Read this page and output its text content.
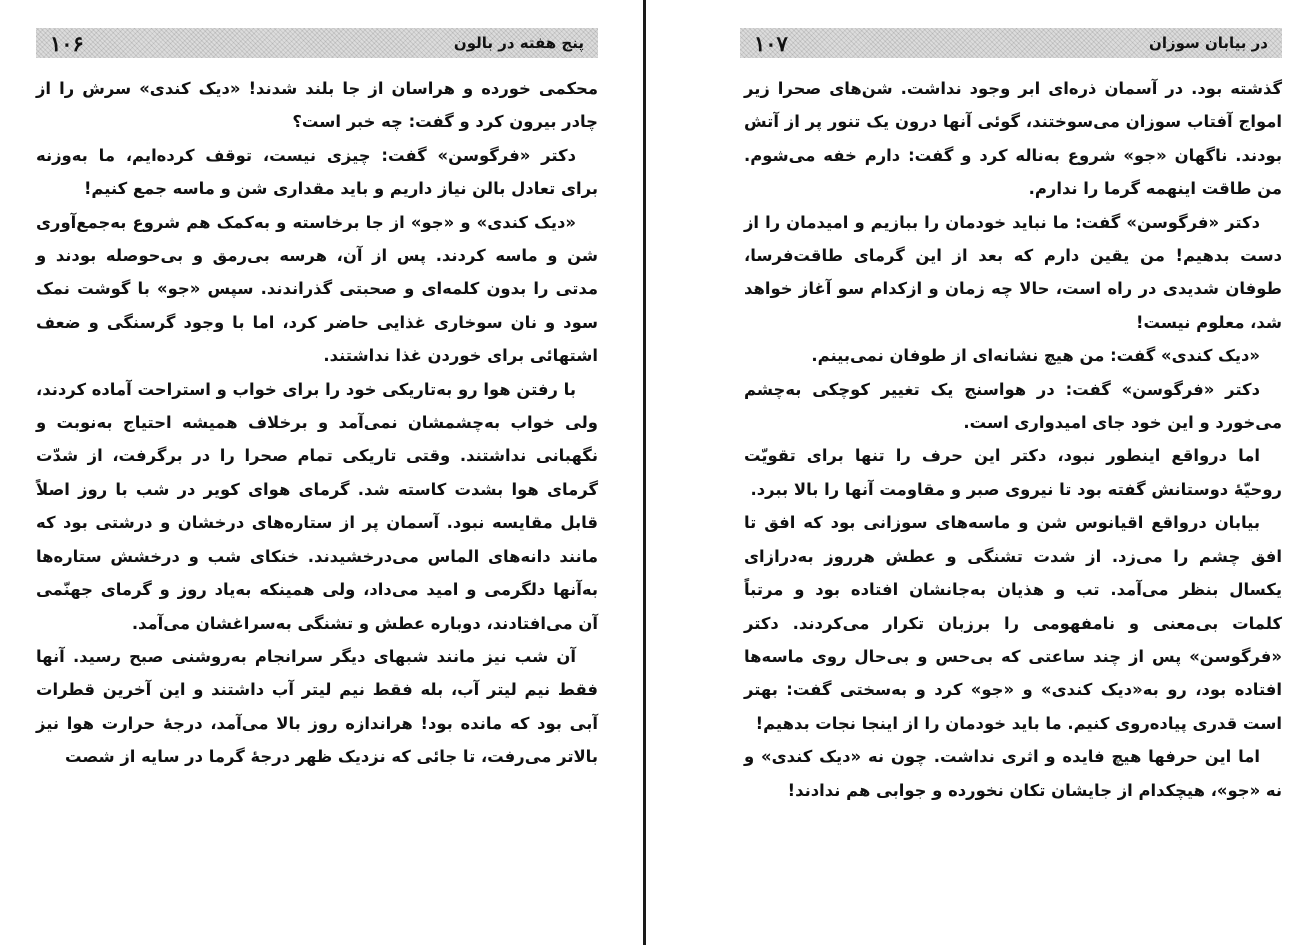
پنج هفته در بالون
۱۰۶

محکمی خورده و هراسان از جا بلند شدند! «دیک کندی» سرش را از چادر بیرون کرد و گفت: چه خبر است؟

دکتر «فرگوسن» گفت: چیزی نیست، توقف کرده‌ایم، ما به‌وزنه برای تعادل بالن نیاز داریم و باید مقداری شن و ماسه جمع کنیم!

«دیک کندی» و «جو» از جا برخاسته و به‌کمک هم شروع به‌جمع‌آوری شن و ماسه کردند. پس از آن، هرسه بی‌رمق و بی‌حوصله بودند و مدتی را بدون کلمه‌ای و صحبتی گذراندند. سپس «جو» با گوشت نمک سود و نان سوخاری غذایی حاضر کرد، اما با وجود گرسنگی و ضعف اشتهائی برای خوردن غذا نداشتند.

با رفتن هوا رو به‌تاریکی خود را برای خواب و استراحت آماده کردند، ولی خواب به‌چشمشان نمی‌آمد و برخلاف همیشه احتیاج به‌نوبت و نگهبانی نداشتند. وقتی تاریکی تمام صحرا را در برگرفت، از شدّت گرمای هوا بشدت کاسته شد. گرمای هوای کویر در شب با روز اصلاً قابل مقایسه نبود. آسمان پر از ستاره‌های درخشان و درشتی بود که مانند دانه‌های الماس می‌درخشیدند. خنکای شب و درخشش ستاره‌ها به‌آنها دلگرمی و امید می‌داد، ولی همینکه به‌یاد روز و گرمای جهنّمی آن می‌افتادند، دوباره عطش و تشنگی به‌سراغشان می‌آمد.

آن شب نیز مانند شبهای دیگر سرانجام به‌روشنی صبح رسید. آنها فقط نیم لیتر آب، بله فقط نیم لیتر آب داشتند و این آخرین قطرات آبی بود که مانده بود! هراندازه روز بالا می‌آمد، درجهٔ حرارت هوا نیز بالاتر می‌رفت، تا جائی که نزدیک ظهر درجهٔ گرما در سایه از شصت

در بیابان سوزان
۱۰۷

گذشته بود. در آسمان ذره‌ای ابر وجود نداشت. شن‌های صحرا زیر امواج آفتاب سوزان می‌سوختند، گوئی آنها درون یک تنور پر از آتش بودند. ناگهان «جو» شروع به‌ناله کرد و گفت: دارم خفه می‌شوم. من طاقت اینهمه گرما را ندارم.

دکتر «فرگوسن» گفت: ما نباید خودمان را ببازیم و امیدمان را از دست بدهیم! من یقین دارم که بعد از این گرمای طاقت‌فرسا، طوفان شدیدی در راه است، حالا چه زمان و ازکدام سو آغاز خواهد شد، معلوم نیست!

«دیک کندی» گفت: من هیچ نشانه‌ای از طوفان نمی‌بینم.

دکتر «فرگوسن» گفت: در هواسنج یک تغییر کوچکی به‌چشم می‌خورد و این خود جای امیدواری است.

اما درواقع اینطور نبود، دکتر این حرف را تنها برای تقویّت روحیّهٔ دوستانش گفته بود تا نیروی صبر و مقاومت آنها را بالا ببرد.

بیابان درواقع اقیانوس شن و ماسه‌های سوزانی بود که افق تا افق چشم را می‌زد. از شدت تشنگی و عطش هرروز به‌درازای یکسال بنظر می‌آمد. تب و هذیان به‌جانشان افتاده بود و مرتباً کلمات بی‌معنی و نامفهومی را برزبان تکرار می‌کردند. دکتر «فرگوسن» پس از چند ساعتی که بی‌حس و بی‌حال روی ماسه‌ها افتاده بود، رو به«دیک کندی» و «جو» کرد و به‌سختی گفت: بهتر است قدری پیاده‌روی کنیم. ما باید خودمان را از اینجا نجات بدهیم!

اما این حرفها هیچ فایده و اثری نداشت. چون نه «دیک کندی» و نه «جو»، هیچکدام از جایشان تکان نخورده و جوابی هم ندادند!
